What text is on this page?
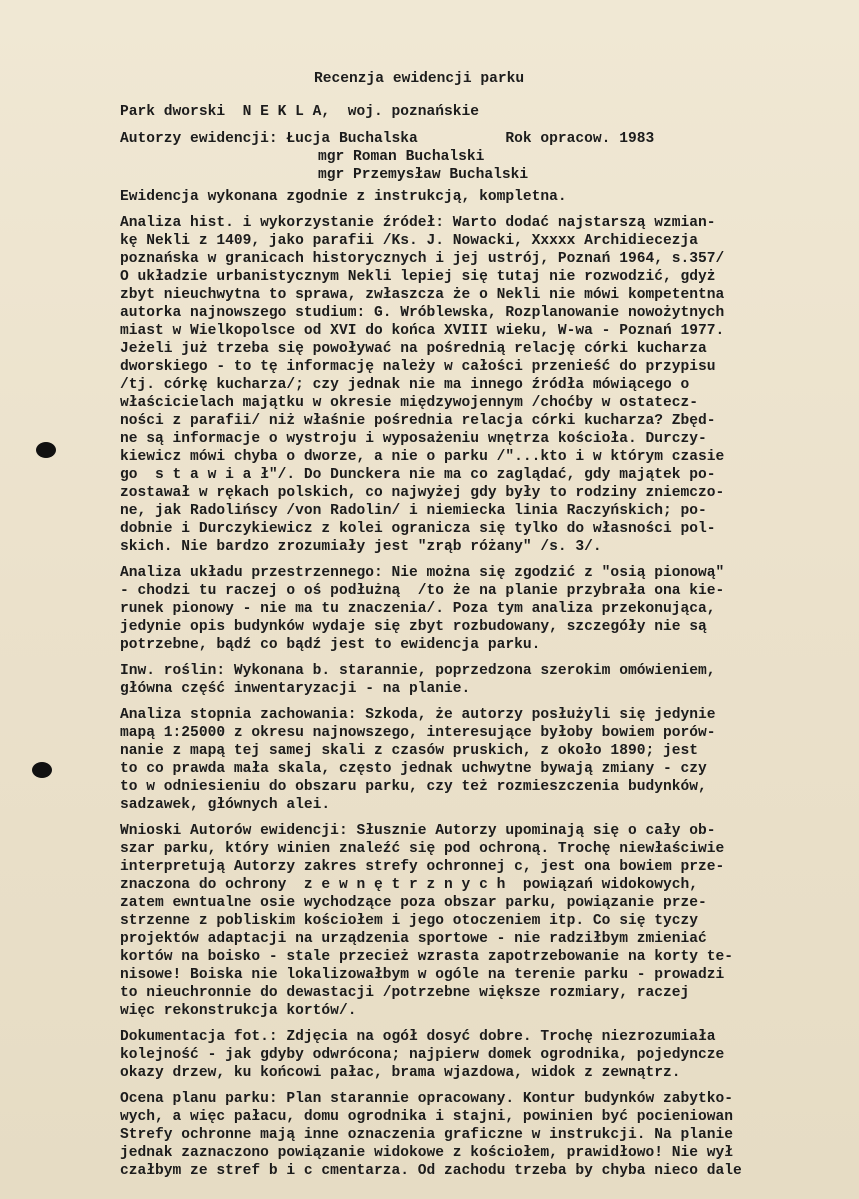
Recenzja ewidencji parku
Park dworski  N E K L A,  woj. poznańskie
Autorzy ewidencji: Łucja Buchalska          Rok opracow. 1983
mgr Roman Buchalski
mgr Przemysław Buchalski
Ewidencja wykonana zgodnie z instrukcją, kompletna.
Analiza hist. i wykorzystanie źródeł: Warto dodać najstarszą wzmian-
kę Nekli z 1409, jako parafii /Ks. J. Nowacki, Xxxxx Archidiecezja
poznańska w granicach historycznych i jej ustrój, Poznań 1964, s.357/
O układzie urbanistycznym Nekli lepiej się tutaj nie rozwodzić, gdyż
zbyt nieuchwytna to sprawa, zwłaszcza że o Nekli nie mówi kompetentna
autorka najnowszego studium: G. Wróblewska, Rozplanowanie nowożytnych
miast w Wielkopolsce od XVI do końca XVIII wieku, W-wa - Poznań 1977.
Jeżeli już trzeba się powoływać na pośrednią relację córki kucharza
dworskiego - to tę informację należy w całości przenieść do przypisu
/tj. córkę kucharza/; czy jednak nie ma innego źródła mówiącego o
właścicielach majątku w okresie międzywojennym /choćby w ostatecz-
ności z parafii/ niż właśnie pośrednia relacja córki kucharza? Zbęd-
ne są informacje o wystroju i wyposażeniu wnętrza kościoła. Durczy-
kiewicz mówi chyba o dworze, a nie o parku /"...kto i w którym czasie
go  s t a w i a ł"/. Do Dunckera nie ma co zaglądać, gdy majątek po-
zostawał w rękach polskich, co najwyżej gdy były to rodziny zniemczo-
ne, jak Radolińscy /von Radolin/ i niemiecka linia Raczyńskich; po-
dobnie i Durczykiewicz z kolei ogranicza się tylko do własności pol-
skich. Nie bardzo zrozumiały jest "zrąb różany" /s. 3/.
Analiza układu przestrzennego: Nie można się zgodzić z "osią pionową"
- chodzi tu raczej o oś podłużną  /to że na planie przybrała ona kie-
runek pionowy - nie ma tu znaczenia/. Poza tym analiza przekonująca,
jedynie opis budynków wydaje się zbyt rozbudowany, szczegóły nie są
potrzebne, bądź co bądź jest to ewidencja parku.
Inw. roślin: Wykonana b. starannie, poprzedzona szerokim omówieniem,
główna część inwentaryzacji - na planie.
Analiza stopnia zachowania: Szkoda, że autorzy posłużyli się jedynie
mapą 1:25000 z okresu najnowszego, interesujące byłoby bowiem porów-
nanie z mapą tej samej skali z czasów pruskich, z około 1890; jest
to co prawda mała skala, często jednak uchwytne bywają zmiany - czy
to w odniesieniu do obszaru parku, czy też rozmieszczenia budynków,
sadzawek, głównych alei.
Wnioski Autorów ewidencji: Słusznie Autorzy upominają się o cały ob-
szar parku, który winien znaleźć się pod ochroną. Trochę niewłaściwie
interpretują Autorzy zakres strefy ochronnej c, jest ona bowiem prze-
znaczona do ochrony  z e w n ę t r z n y c h  powiązań widokowych,
zatem ewntualne osie wychodzące poza obszar parku, powiązanie prze-
strzenne z pobliskim kościołem i jego otoczeniem itp. Co się tyczy
projektów adaptacji na urządzenia sportowe - nie radziłbym zmieniać
kortów na boisko - stale przecież wzrasta zapotrzebowanie na korty te-
nisowe! Boiska nie lokalizowałbym w ogóle na terenie parku - prowadzi
to nieuchronnie do dewastacji /potrzebne większe rozmiary, raczej
więc rekonstrukcja kortów/.
Dokumentacja fot.: Zdjęcia na ogół dosyć dobre. Trochę niezrozumiała
kolejność - jak gdyby odwrócona; najpierw domek ogrodnika, pojedyncze
okazy drzew, ku końcowi pałac, brama wjazdowa, widok z zewnątrz.
Ocena planu parku: Plan starannie opracowany. Kontur budynków zabytko-
wych, a więc pałacu, domu ogrodnika i stajni, powinien być pocieniowan
Strefy ochronne mają inne oznaczenia graficzne w instrukcji. Na planie
jednak zaznaczono powiązanie widokowe z kościołem, prawidłowo! Nie wył
czałbym ze stref b i c cmentarza. Od zachodu trzeba by chyba nieco dale
